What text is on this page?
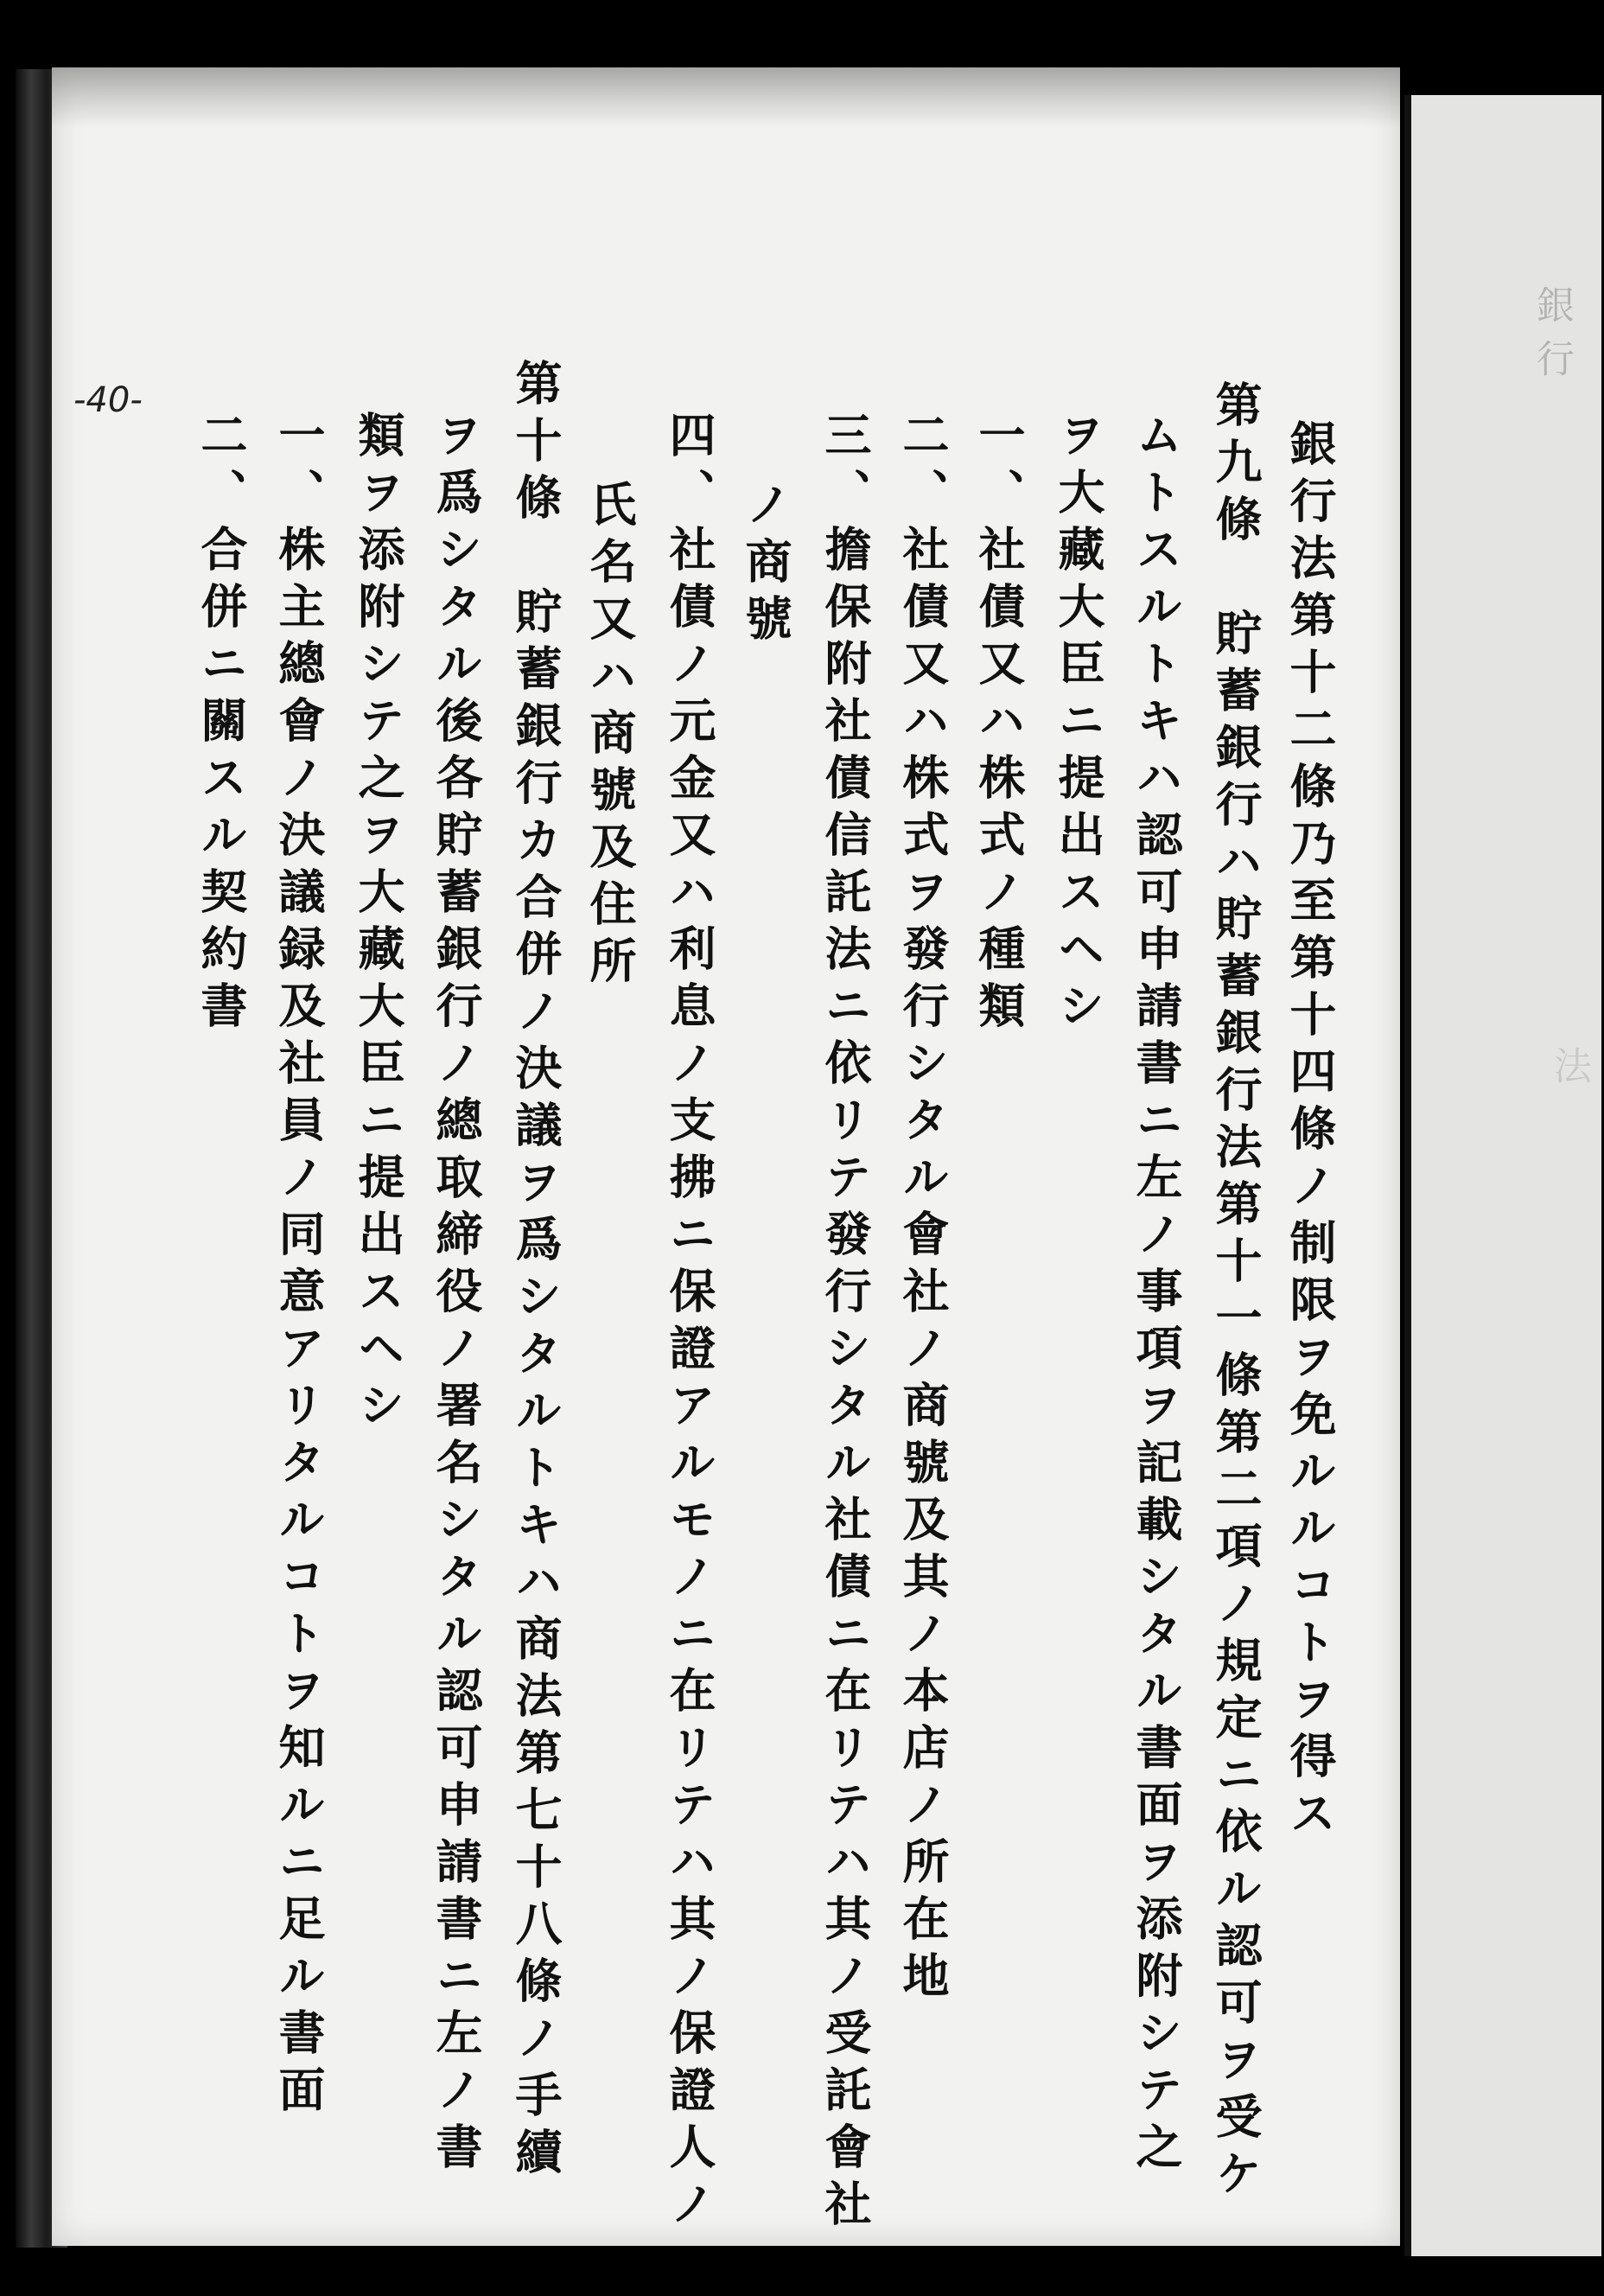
銀行
法
-40-
銀行法第十二條乃至第十四條ノ制限ヲ免ルルコトヲ得ス
第九條　貯蓄銀行ハ貯蓄銀行法第十一條第二項ノ規定ニ依ル認可ヲ受ケ
ムトスルトキハ認可申請書ニ左ノ事項ヲ記載シタル書面ヲ添附シテ之
ヲ大藏大臣ニ提出スヘシ
一、社債又ハ株式ノ種類
二、社債又ハ株式ヲ發行シタル會社ノ商號及其ノ本店ノ所在地
三、擔保附社債信託法ニ依リテ發行シタル社債ニ在リテハ其ノ受託會社
ノ商號
四、社債ノ元金又ハ利息ノ支拂ニ保證アルモノニ在リテハ其ノ保證人ノ
氏名又ハ商號及住所
第十條　貯蓄銀行カ合併ノ決議ヲ爲シタルトキハ商法第七十八條ノ手續
ヲ爲シタル後各貯蓄銀行ノ總取締役ノ署名シタル認可申請書ニ左ノ書
類ヲ添附シテ之ヲ大藏大臣ニ提出スヘシ
一、株主總會ノ決議録及社員ノ同意アリタルコトヲ知ルニ足ル書面
二、合併ニ關スル契約書
